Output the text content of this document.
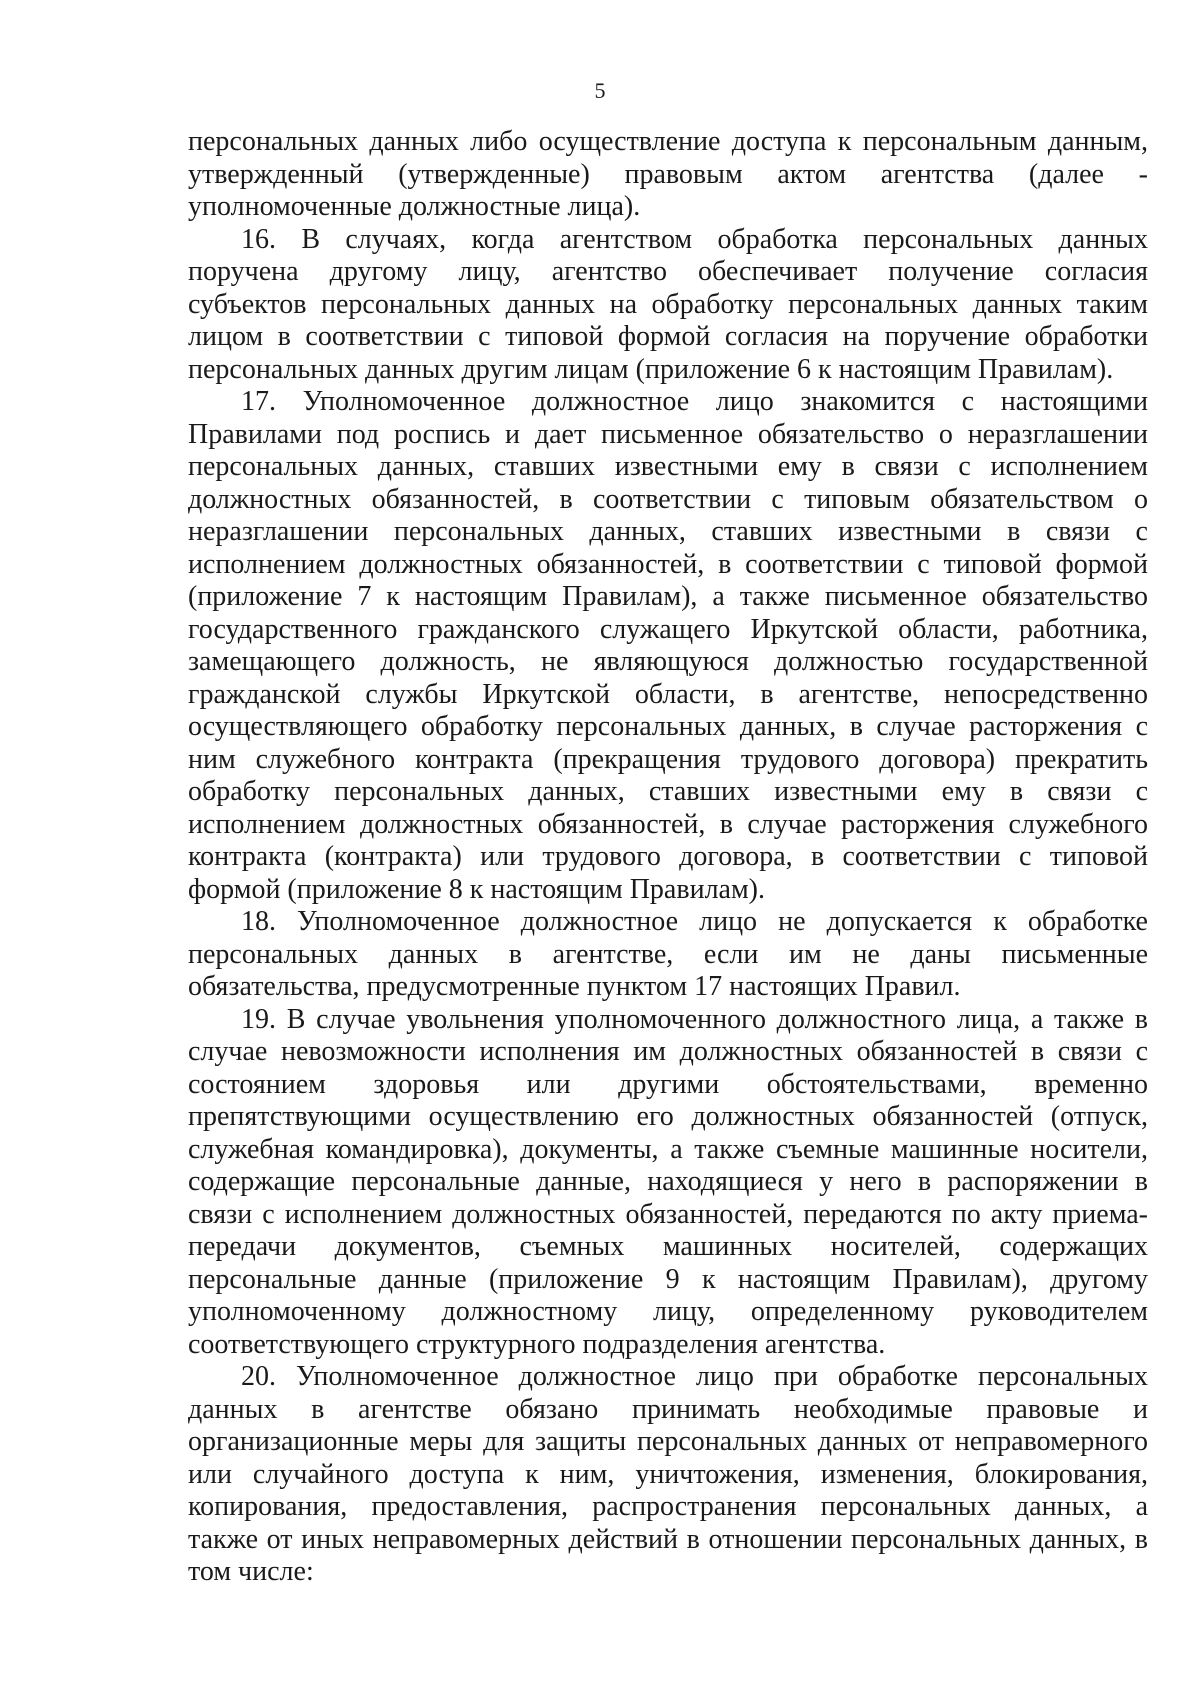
5
персональных данных либо осуществление доступа к персональным данным,
утвержденный (утвержденные) правовым актом агентства (далее -
уполномоченные должностные лица).
16. В случаях, когда агентством обработка персональных данных
поручена другому лицу, агентство обеспечивает получение согласия
субъектов персональных данных на обработку персональных данных таким
лицом в соответствии с типовой формой согласия на поручение обработки
персональных данных другим лицам (приложение 6 к настоящим Правилам).
17. Уполномоченное должностное лицо знакомится с настоящими
Правилами под роспись и дает письменное обязательство о неразглашении
персональных данных, ставших известными ему в связи с исполнением
должностных обязанностей, в соответствии с типовым обязательством о
неразглашении персональных данных, ставших известными в связи с
исполнением должностных обязанностей, в соответствии с типовой формой
(приложение 7 к настоящим Правилам), а также письменное обязательство
государственного гражданского служащего Иркутской области, работника,
замещающего должность, не являющуюся должностью государственной
гражданской службы Иркутской области, в агентстве, непосредственно
осуществляющего обработку персональных данных, в случае расторжения с
ним служебного контракта (прекращения трудового договора) прекратить
обработку персональных данных, ставших известными ему в связи с
исполнением должностных обязанностей, в случае расторжения служебного
контракта (контракта) или трудового договора, в соответствии с типовой
формой (приложение 8 к настоящим Правилам).
18. Уполномоченное должностное лицо не допускается к обработке
персональных данных в агентстве, если им не даны письменные
обязательства, предусмотренные пунктом 17 настоящих Правил.
19. В случае увольнения уполномоченного должностного лица, а также в
случае невозможности исполнения им должностных обязанностей в связи с
состоянием здоровья или другими обстоятельствами, временно
препятствующими осуществлению его должностных обязанностей (отпуск,
служебная командировка), документы, а также съемные машинные носители,
содержащие персональные данные, находящиеся у него в распоряжении в
связи с исполнением должностных обязанностей, передаются по акту приема-
передачи документов, съемных машинных носителей, содержащих
персональные данные (приложение 9 к настоящим Правилам), другому
уполномоченному должностному лицу, определенному руководителем
соответствующего структурного подразделения агентства.
20. Уполномоченное должностное лицо при обработке персональных
данных в агентстве обязано принимать необходимые правовые и
организационные меры для защиты персональных данных от неправомерного
или случайного доступа к ним, уничтожения, изменения, блокирования,
копирования, предоставления, распространения персональных данных, а
также от иных неправомерных действий в отношении персональных данных, в
том числе:
